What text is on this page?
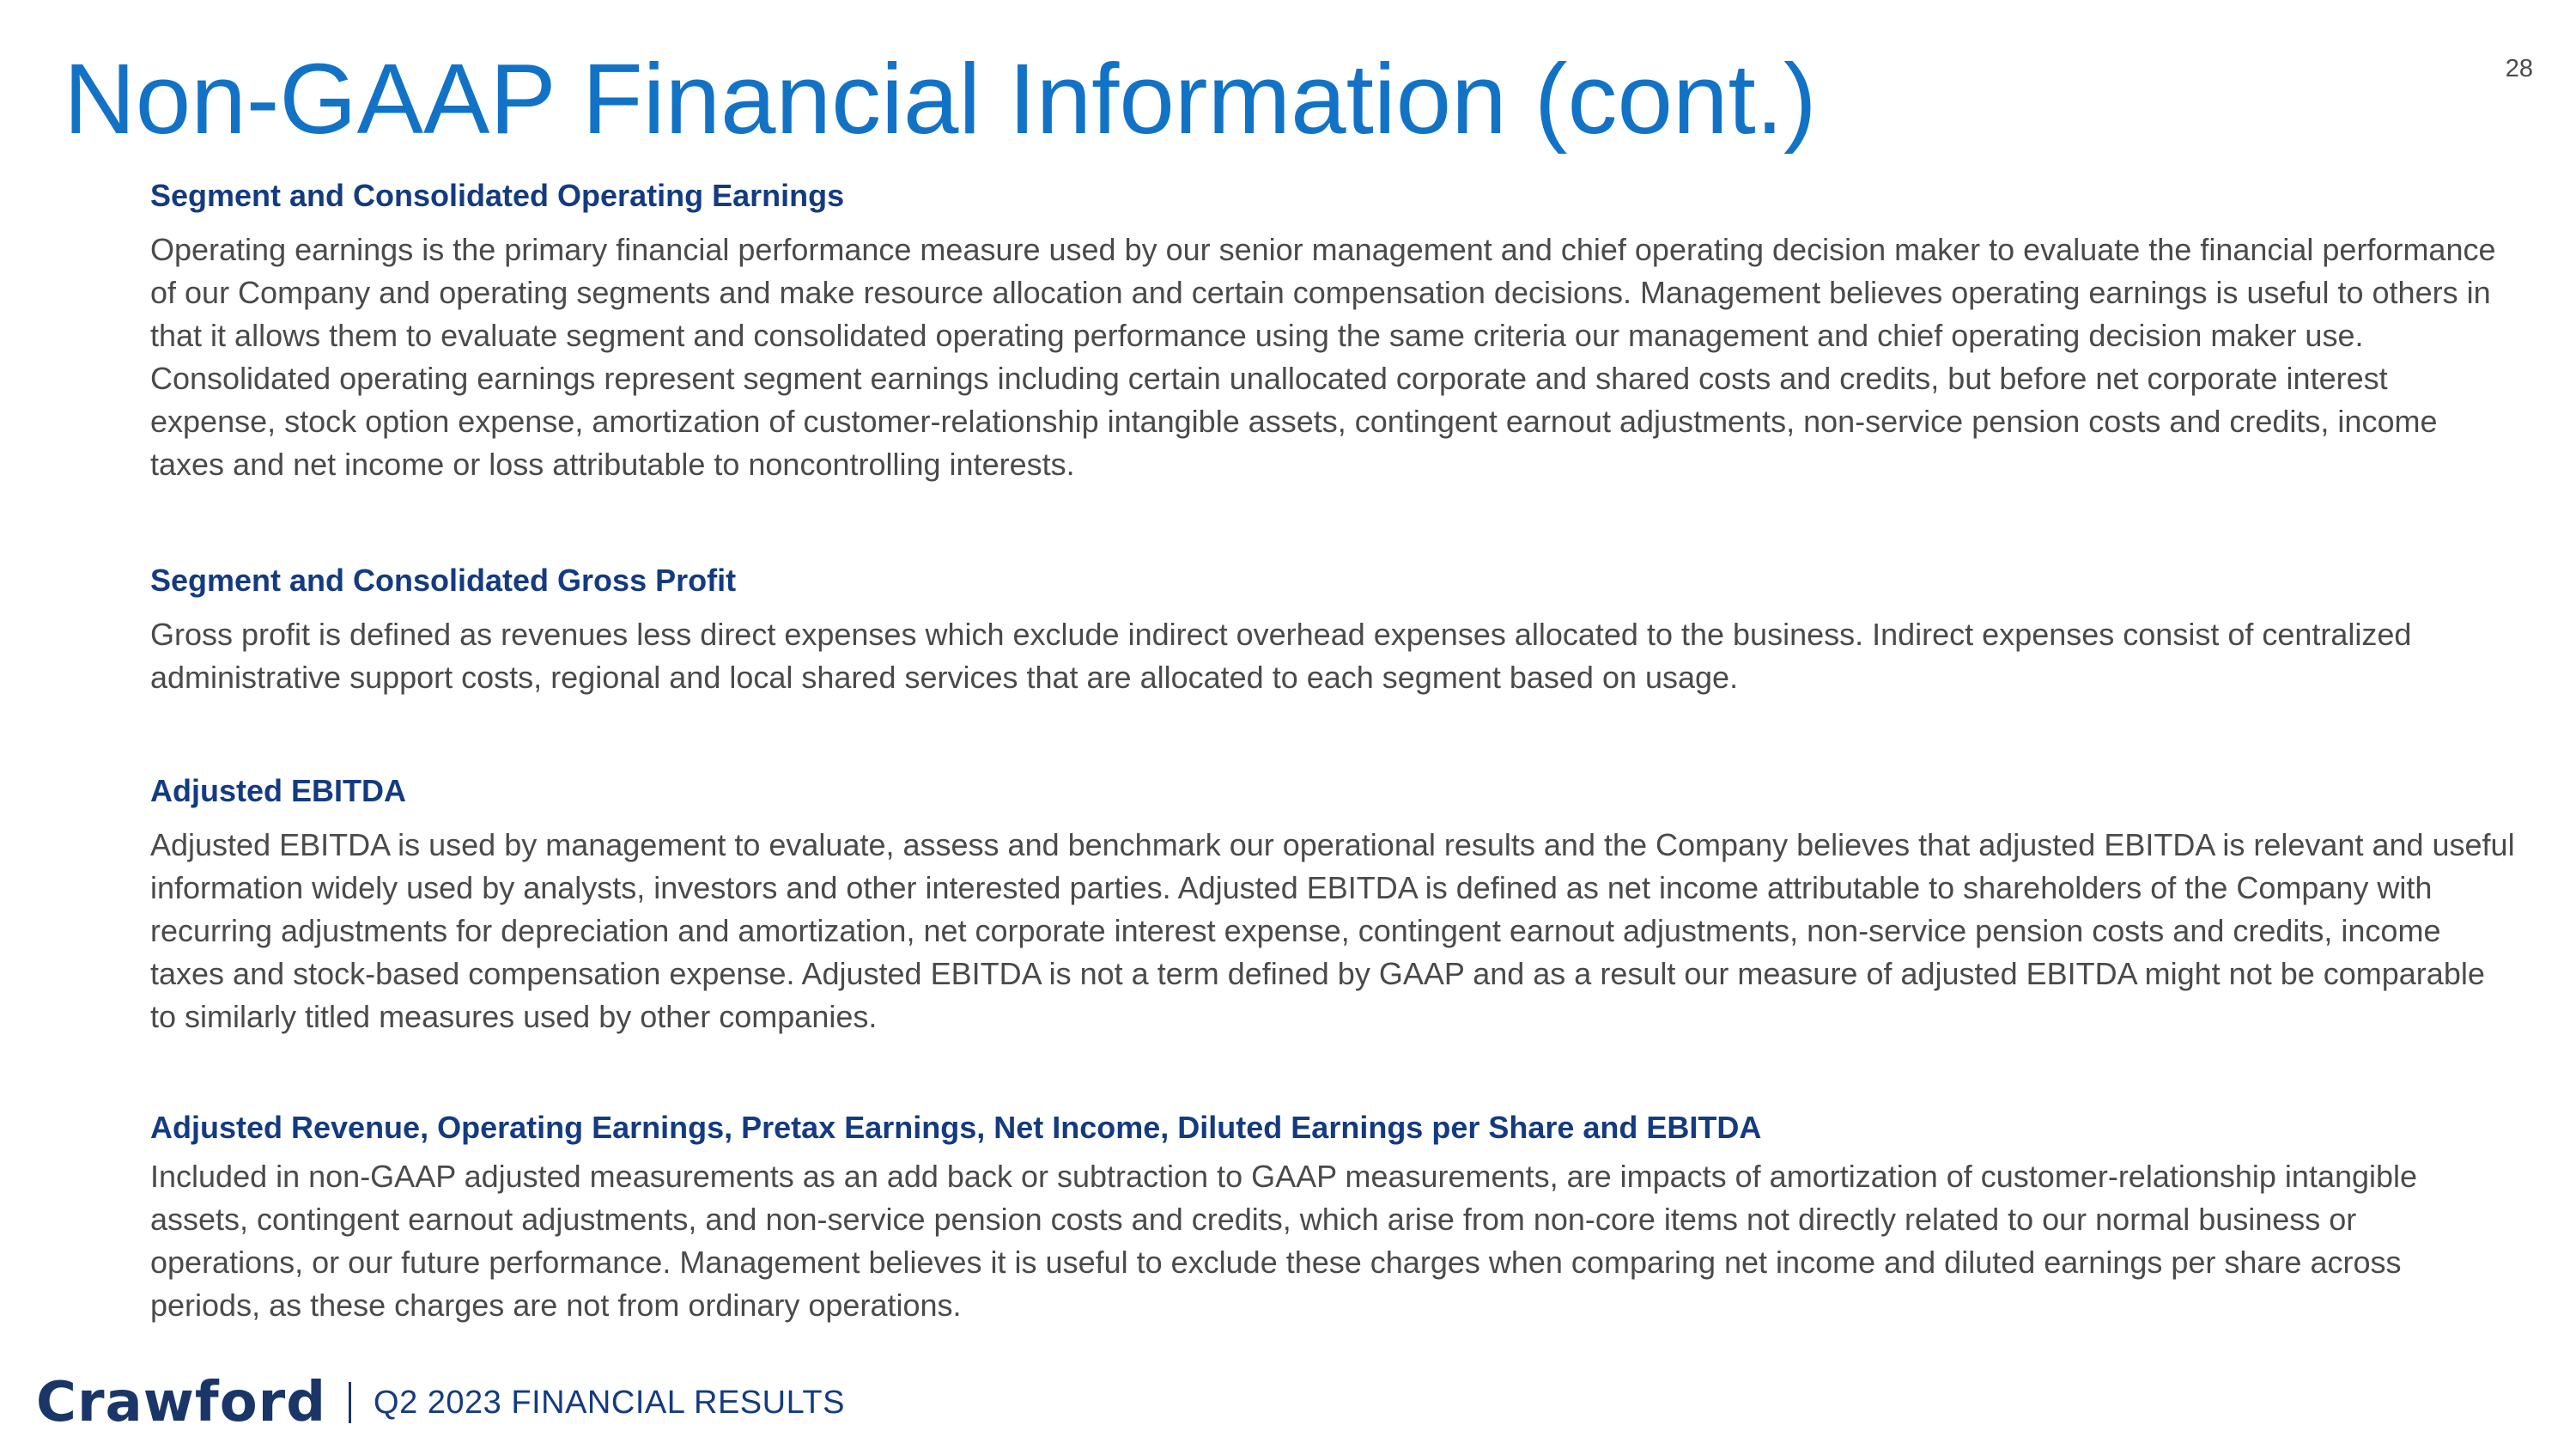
Non-GAAP Financial Information (cont.)	28
Segment and Consolidated Operating Earnings

Operating earnings is the primary financial performance measure used by our senior management and chief operating decision maker to evaluate the financial performance of our Company and operating segments and make resource allocation and certain compensation decisions. Management believes operating earnings is useful to others in that it allows them to evaluate segment and consolidated operating performance using the same criteria our management and chief operating decision maker use. Consolidated operating earnings represent segment earnings including certain unallocated corporate and shared costs and credits, but before net corporate interest expense, stock option expense, amortization of customer-relationship intangible assets, contingent earnout adjustments, non-service pension costs and credits, income taxes and net income or loss attributable to noncontrolling interests.

Segment and Consolidated Gross Profit

Gross profit is defined as revenues less direct expenses which exclude indirect overhead expenses allocated to the business. Indirect expenses consist of centralized administrative support costs, regional and local shared services that are allocated to each segment based on usage.

Adjusted EBITDA

Adjusted EBITDA is used by management to evaluate, assess and benchmark our operational results and the Company believes that adjusted EBITDA is relevant and useful information widely used by analysts, investors and other interested parties. Adjusted EBITDA is defined as net income attributable to shareholders of the Company with recurring adjustments for depreciation and amortization, net corporate interest expense, contingent earnout adjustments, non-service pension costs and credits, income taxes and stock-based compensation expense. Adjusted EBITDA is not a term defined by GAAP and as a result our measure of adjusted EBITDA might not be comparable to similarly titled measures used by other companies.

Adjusted Revenue, Operating Earnings, Pretax Earnings, Net Income, Diluted Earnings per Share and EBITDA

Included in non-GAAP adjusted measurements as an add back or subtraction to GAAP measurements, are impacts of amortization of customer-relationship intangible assets, contingent earnout adjustments, and non-service pension costs and credits, which arise from non-core items not directly related to our normal business or operations, or our future performance. Management believes it is useful to exclude these charges when comparing net income and diluted earnings per share across periods, as these charges are not from ordinary operations.

Crawford Q2 2023 FINANCIAL RESULTS
